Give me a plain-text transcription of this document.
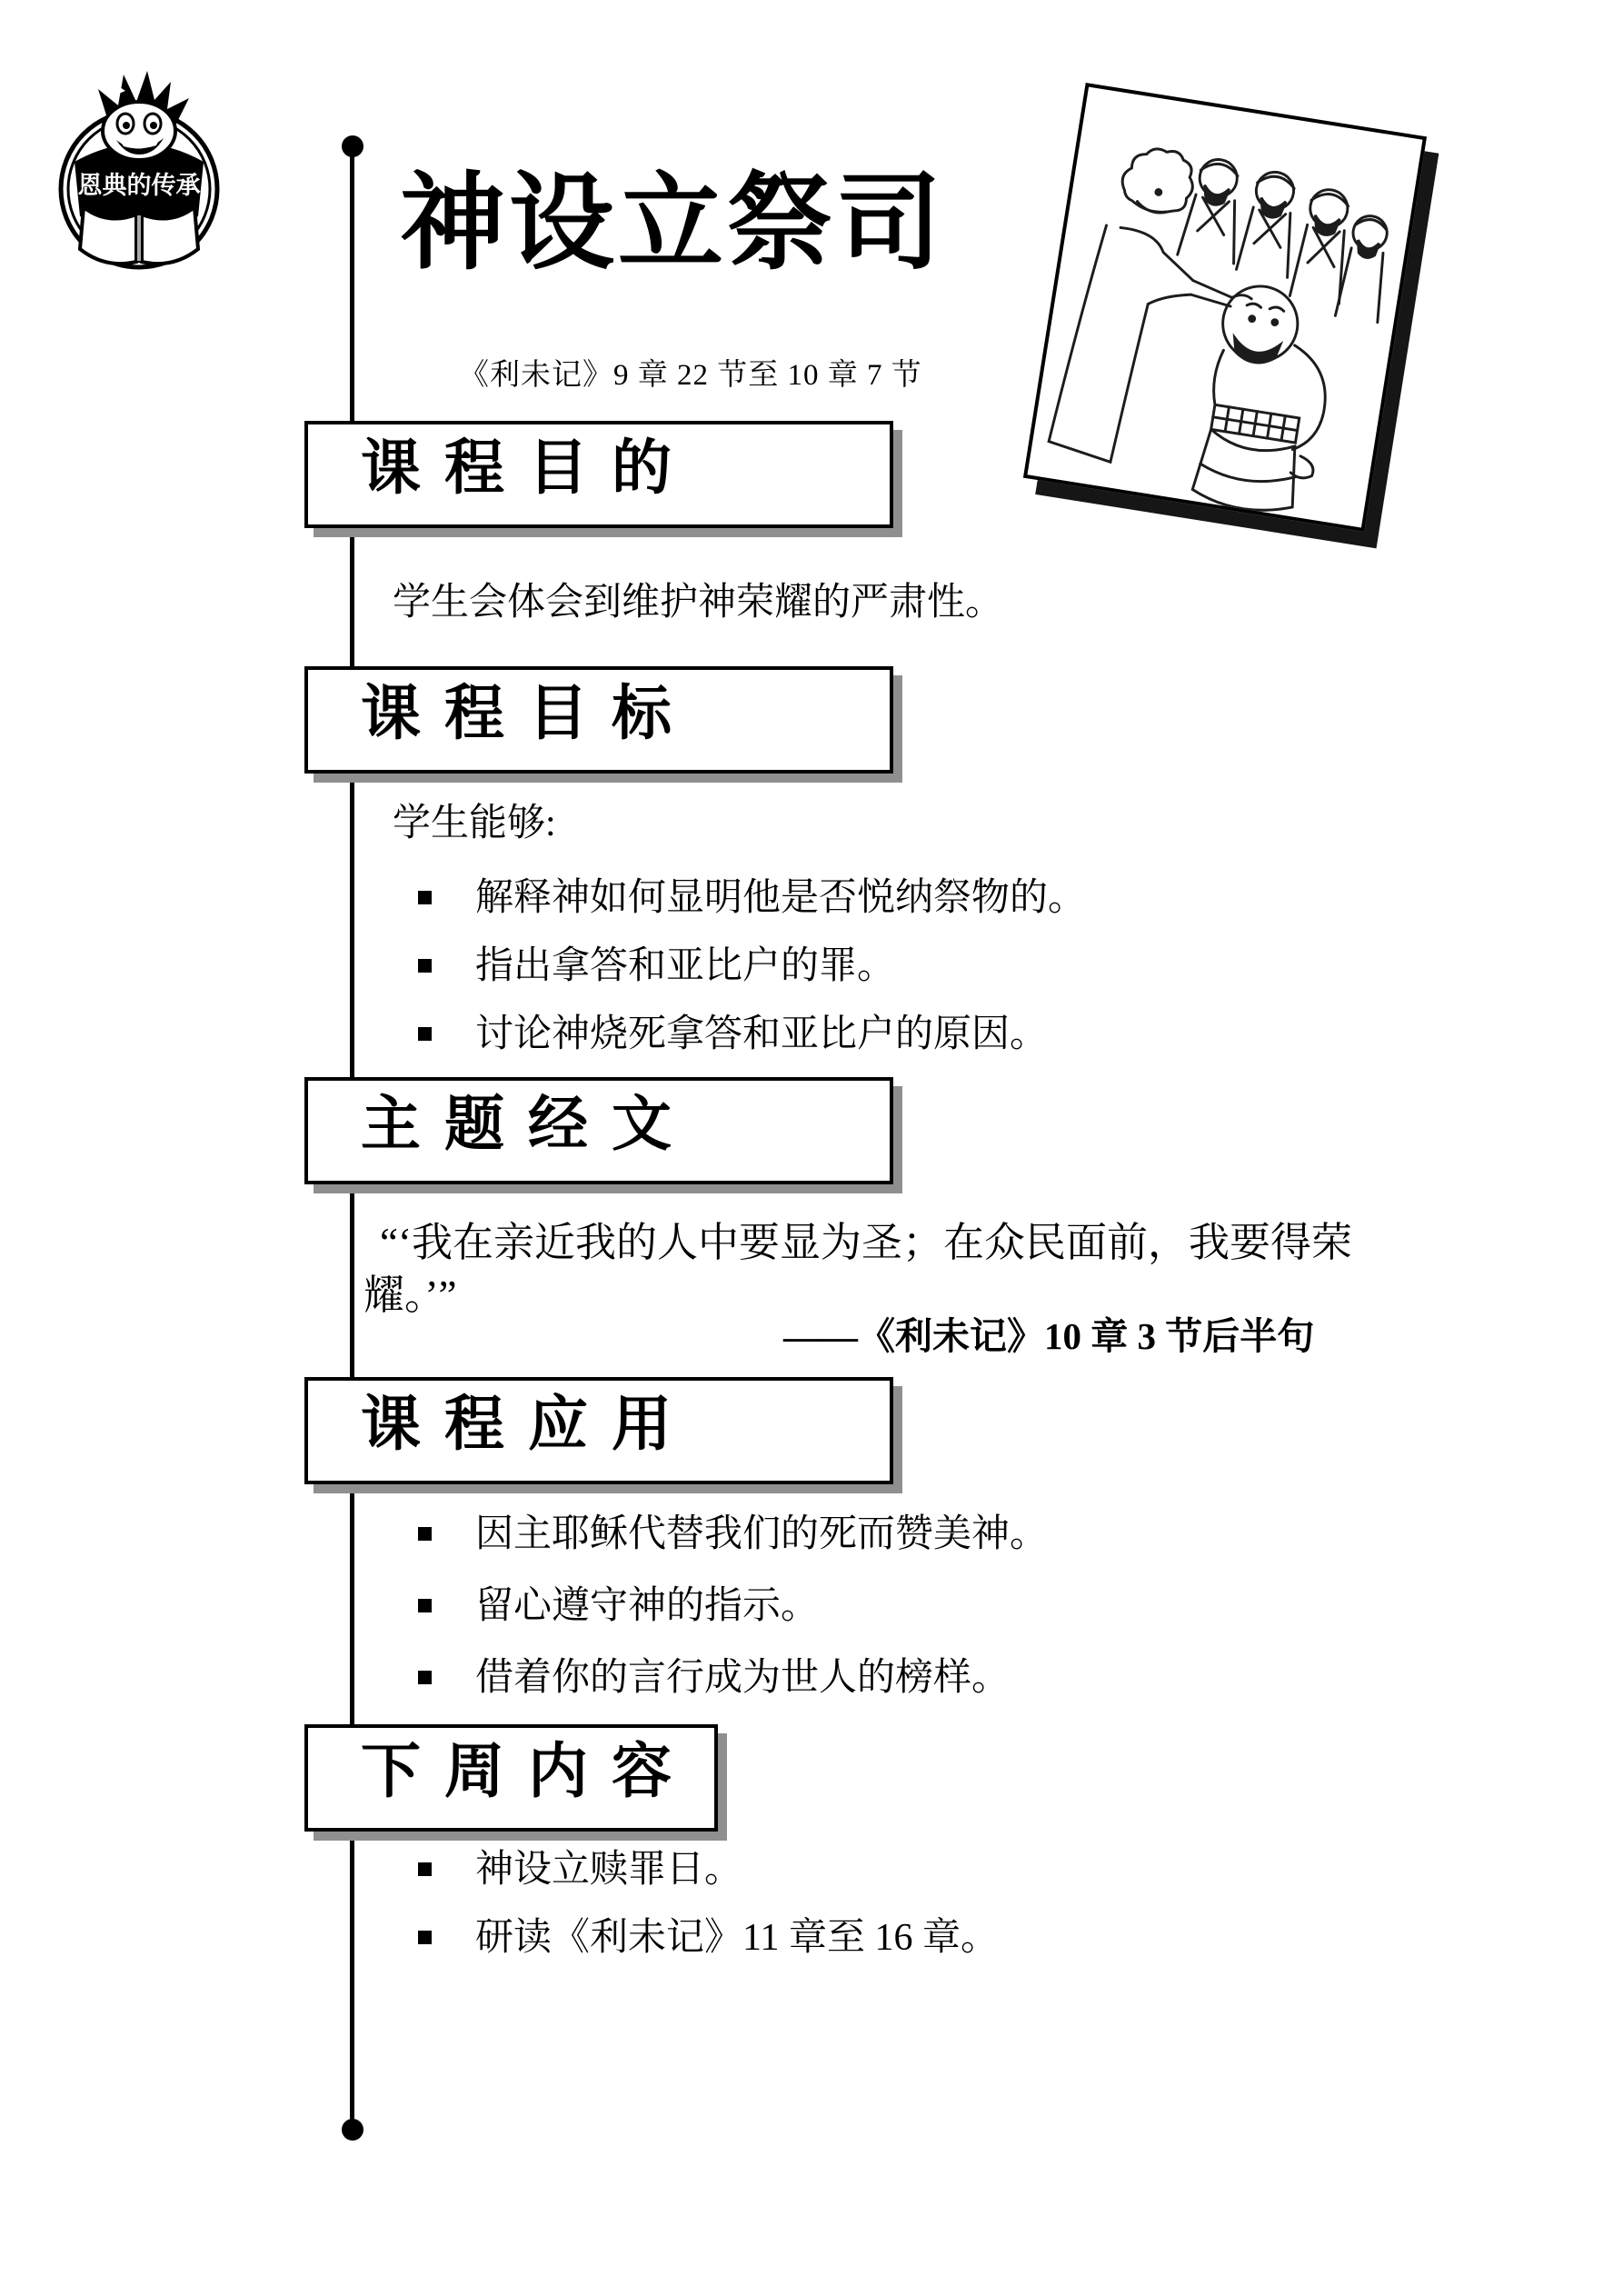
恩典的传承 神设立祭司
《利未记》9 章 22 节至 10 章 7 节
课程目的
学生会体会到维护神荣耀的严肃性。
课程目标
学生能够:
解释神如何显明他是否悦纳祭物的。
指出拿答和亚比户的罪。
讨论神烧死拿答和亚比户的原因。
主题经文
“‘我在亲近我的人中要显为圣；在众民面前，我要得荣
耀。’”
——《利未记》10 章 3 节后半句
课程应用
因主耶稣代替我们的死而赞美神。
留心遵守神的指示。
借着你的言行成为世人的榜样。
下周内容
神设立赎罪日。
研读《利未记》11 章至 16 章。
